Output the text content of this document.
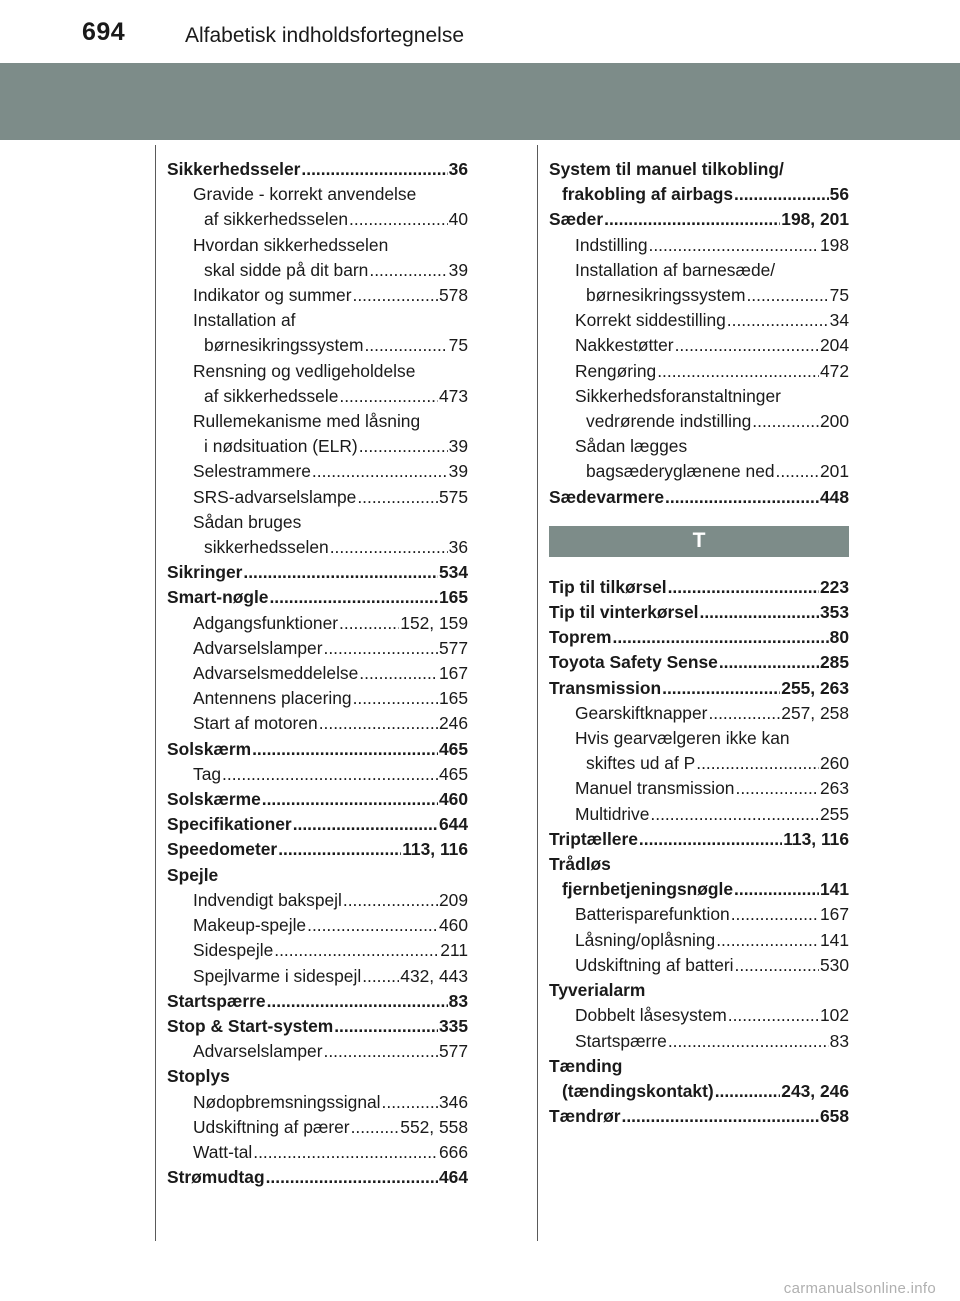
694	Alfabetisk indholdsfortegnelse
Sikkerhedsseler .....	36
Gravide - korrekt anvendelse
af sikkerhedsselen .....	40
Hvordan sikkerhedsselen
skal sidde på dit barn .....	39
Indikator og summer .....	578
Installation af
børnesikringssystem .....	75
Rensning og vedligeholdelse
af sikkerhedssele .....	473
Rullemekanisme med låsning
i nødsituation (ELR) .....	39
Selestrammere .....	39
SRS-advarselslampe .....	575
Sådan bruges
sikkerhedsselen .....	36
Sikringer .....	534
Smart-nøgle .....	165
Adgangsfunktioner .....	152, 159
Advarselslamper .....	577
Advarselsmeddelelse .....	167
Antennens placering .....	165
Start af motoren .....	246
Solskærm .....	465
Tag .....	465
Solskærme .....	460
Specifikationer .....	644
Speedometer .....	113, 116
Spejle
Indvendigt bakspejl .....	209
Makeup-spejle .....	460
Sidespejle .....	211
Spejlvarme i sidespejl ..... 432, 443
Startspærre .....	83
Stop & Start-system .....	335
Advarselslamper .....	577
Stoplys
Nødopbremsningssignal .....	346
Udskiftning af pærer .....	552, 558
Watt-tal .....	666
Strømudtag .....	464
System til manuel tilkobling/
frakobling af airbags .....	56
Sæder .....	198, 201
Indstilling .....	198
Installation af barnesæde/
børnesikringssystem .....	75
Korrekt siddestilling .....	34
Nakkestøtter .....	204
Rengøring .....	472
Sikkerhedsforanstaltninger
vedrørende indstilling .....	200
Sådan lægges
bagsæderyglænene ned .....	201
Sædevarmere .....	448
T
Tip til tilkørsel .....	223
Tip til vinterkørsel .....	353
Toprem .....	80
Toyota Safety Sense .....	285
Transmission .....	255, 263
Gearskiftknapper .....	257, 258
Hvis gearvælgeren ikke kan
skiftes ud af P .....	260
Manuel transmission .....	263
Multidrive .....	255
Triptællere .....	113, 116
Trådløs
fjernbetjeningsnøgle .....	141
Batterisparefunktion .....	167
Låsning/oplåsning .....	141
Udskiftning af batteri .....	530
Tyverialarm
Dobbelt låsesystem .....	102
Startspærre .....	83
Tænding
(tændingskontakt) .....	243, 246
Tændrør .....	658
carmanualsonline.info
